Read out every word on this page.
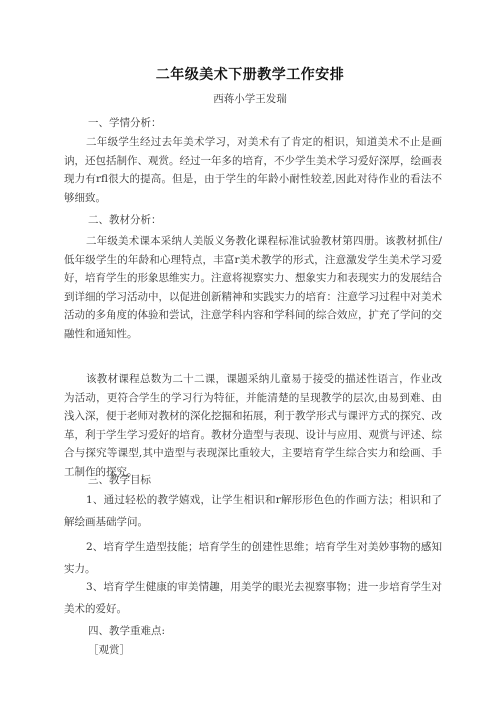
二年级美术下册教学工作安排
西蒋小学王发瑞
一、学情分析：

二年级学生经过去年美术学习，对美术有了肯定的相识，知道美术不止是画讷，还包括制作、观赏。经过一年多的培育，不少学生美术学习爱好深厚，绘画表现力有rfl很大的提高。但是，由于学生的年龄小耐性较差,因此对待作业的看法不够细致。

二、教材分析：

二年级美术课本采纳人美版义务教化课程标准试验教材第四册。该教材抓住/低年级学生的年龄和心理特点，丰富r美术教学的形式，注意激发学生美术学习爱好，培育学生的形象思维实力。注意将视察实力、想象实力和表现实力的发展结合到详细的学习活动中，以促进创新精神和实践实力的培育：注意学习过程中对美术活动的多角度的体验和尝试，注意学科内容和学科间的综合效应，扩充了学问的交融性和通知性。

该教材课程总数为二十二课，课题采纳儿童易于接受的描述性语言，作业改为活动，更符合学生的学习行为特征，并能清楚的呈现教学的层次,由易到难、由浅入深，便于老师对教材的深化挖掘和拓展，利于教学形式与课评方式的探究、改革，利于学生学习爱好的培育。教材分造型与表现、设计与应用、观赏与评述、综合与探究等课型,其中造型与表现深比重较大，主要培育学生综合实力和绘画、手工制作的探究。

三、教学目标

1、通过轻松的教学嬉戏，让学生相识和r解形形色色的作画方法；相识和了解绘画基础学问。

2、培育学生造型技能；培育学生的创建性思维；培育学生对美妙事物的感知实力。

3、培育学生健康的审美情趣，用美学的眼光去视察事物；进一步培育学生对美术的爱好。

四、教学重难点:
［观赏］
